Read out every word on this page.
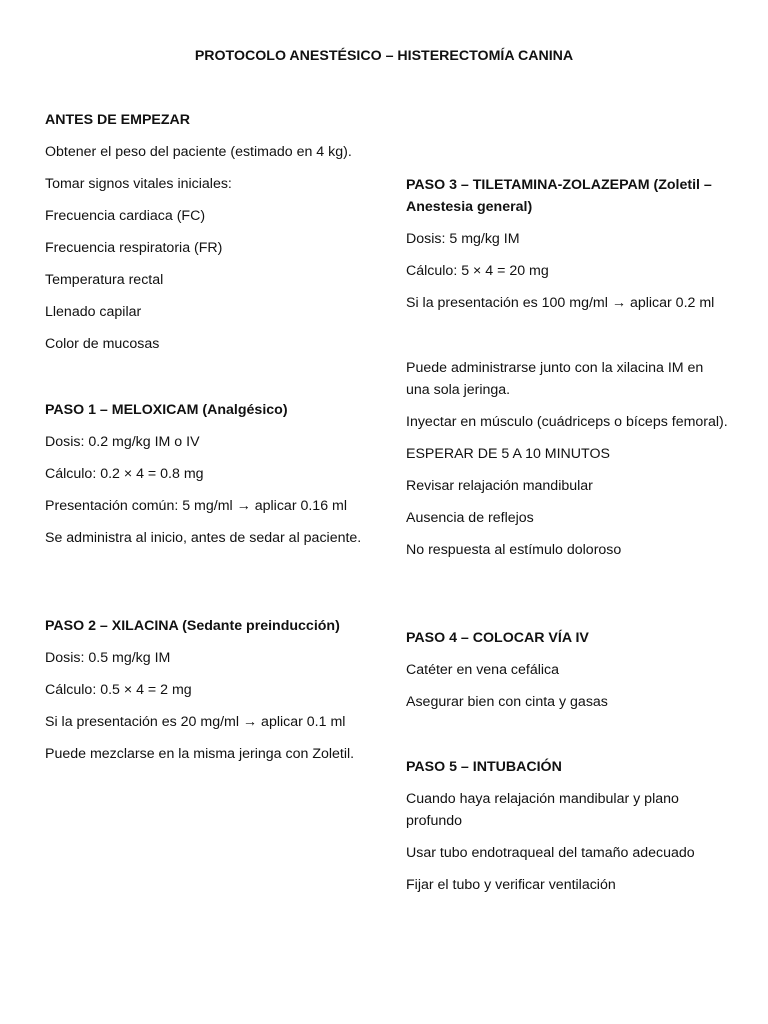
PROTOCOLO ANESTÉSICO – HISTERECTOMÍA CANINA

ANTES DE EMPEZAR

Obtener el peso del paciente (estimado en 4 kg).

Tomar signos vitales iniciales:

Frecuencia cardiaca (FC)

Frecuencia respiratoria (FR)

Temperatura rectal

Llenado capilar

Color de mucosas

PASO 1 – MELOXICAM (Analgésico)

Dosis: 0.2 mg/kg IM o IV

Cálculo: 0.2 × 4 = 0.8 mg

Presentación común: 5 mg/ml → aplicar 0.16 ml

Se administra al inicio, antes de sedar al paciente.

PASO 2 – XILACINA (Sedante preinducción)

Dosis: 0.5 mg/kg IM

Cálculo: 0.5 × 4 = 2 mg

Si la presentación es 20 mg/ml → aplicar 0.1 ml

Puede mezclarse en la misma jeringa con Zoletil.

PASO 3 – TILETAMINA-ZOLAZEPAM (Zoletil – Anestesia general)

Dosis: 5 mg/kg IM

Cálculo: 5 × 4 = 20 mg

Si la presentación es 100 mg/ml → aplicar 0.2 ml

Puede administrarse junto con la xilacina IM en una sola jeringa.

Inyectar en músculo (cuádriceps o bíceps femoral).

ESPERAR DE 5 A 10 MINUTOS

Revisar relajación mandibular

Ausencia de reflejos

No respuesta al estímulo doloroso

PASO 4 – COLOCAR VÍA IV

Catéter en vena cefálica

Asegurar bien con cinta y gasas

PASO 5 – INTUBACIÓN

Cuando haya relajación mandibular y plano profundo

Usar tubo endotraqueal del tamaño adecuado

Fijar el tubo y verificar ventilación
